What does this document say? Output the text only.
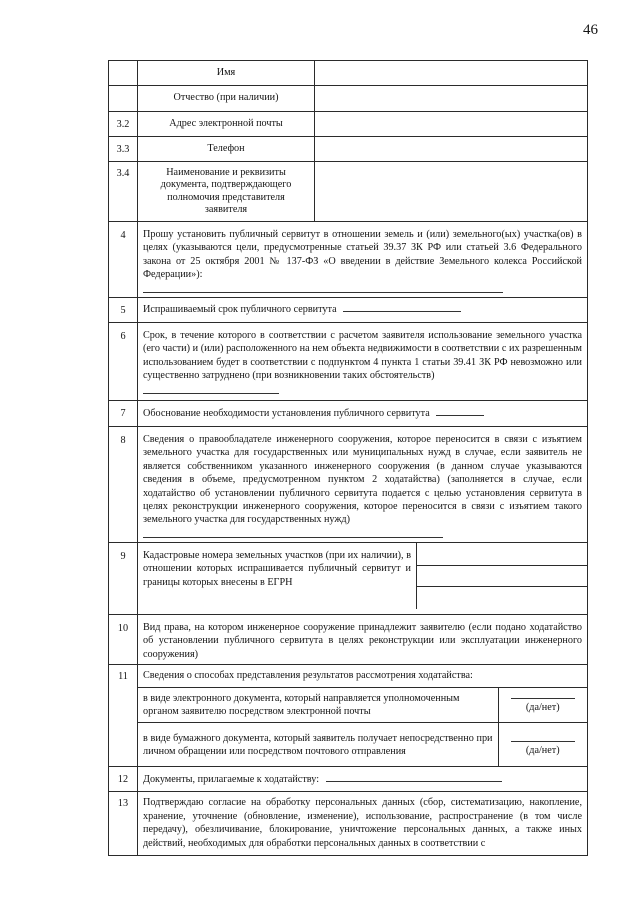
46
	Имя	
	Отчество (при наличии)	
3.2	Адрес электронной почты	
3.3	Телефон	
3.4	Наименование и реквизиты документа, подтверждающего полномочия представителя заявителя	
4	Прошу установить публичный сервитут в отношении земель и (или) земельного(ых) участка(ов) в целях (указываются цели, предусмотренные статьей 39.37 ЗК РФ или статьей 3.6 Федерального закона от 25 октября 2001 № 137-ФЗ «О введении в действие Земельного колекса Российской Федерации»):

5	Испрашиваемый срок публичного сервитута

6	Срок, в течение которого в соответствии с расчетом заявителя использование земельного участка (его части) и (или) расположенного на нем объекта недвижимости в соответствии с их разрешенным использованием будет в соответствии с подпунктом 4 пункта 1 статьи 39.41 ЗК РФ невозможно или существенно затруднено (при возникновении таких обстоятельств)

7	Обоснование необходимости установления публичного сервитута

8	Сведения о правообладателе инженерного сооружения, которое переносится в связи с изъятием земельного участка для государственных или муниципальных нужд в случае, если заявитель не является собственником указанного инженерного сооружения (в данном случае указываются сведения в объеме, предусмотренном пунктом 2 ходатайства) (заполняется в случае, если ходатайство об установлении публичного сервитута подается с целью установления сервитута в целях реконструкции инженерного сооружения, которое переносится в связи с изъятием такого земельного участка для государственных нужд)

9		Кадастровые номера земельных участков (при их наличии), в отношении которых испрашивается публичный сервитут и границы которых внесены в ЕГРН

10	Вид права, на котором инженерное сооружение принадлежит заявителю (если подано ходатайство об установлении публичного сервитута в целях реконструкции или эксплуатации инженерного сооружения)

11	Сведения о способах представления результатов рассмотрения ходатайства:
в виде электронного документа, который направляется уполномоченным органом заявителю посредством электронной почты	(да/нет)
в виде бумажного документа, который заявитель получает непосредственно при личном обращении или посредством почтового отправления	(да/нет)

12	Документы, прилагаемые к ходатайству:

13	Подтверждаю согласие на обработку персональных данных (сбор, систематизацию, накопление, хранение, уточнение (обновление, изменение), использование, распространение (в том числе передачу), обезличивание, блокирование, уничтожение персональных данных, а также иных действий, необходимых для обработки персональных данных в соответствии с
